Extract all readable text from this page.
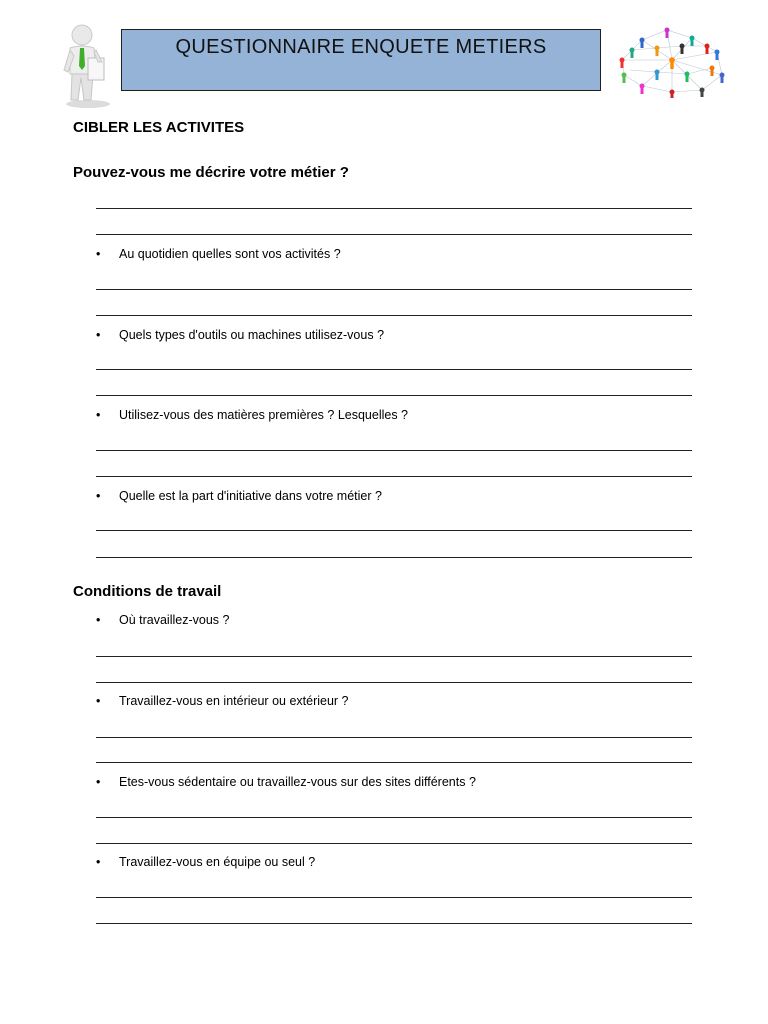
QUESTIONNAIRE ENQUETE METIERS
CIBLER LES ACTIVITES
Pouvez-vous me décrire votre métier ?
• Au quotidien quelles sont vos activités ?
• Quels types d'outils ou machines utilisez-vous ?
• Utilisez-vous des matières premières ? Lesquelles ?
• Quelle est la part d'initiative dans votre métier ?
Conditions de travail
• Où travaillez-vous ?
• Travaillez-vous en intérieur ou extérieur ?
• Etes-vous sédentaire ou travaillez-vous sur des sites différents ?
• Travaillez-vous en équipe ou seul ?
